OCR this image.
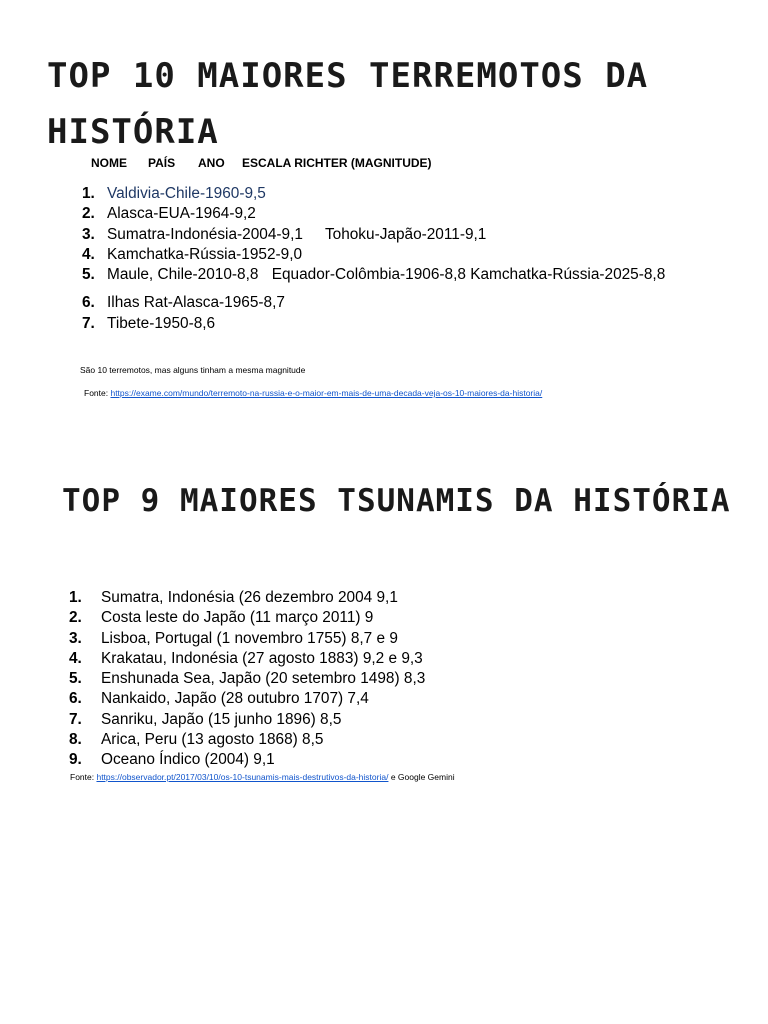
TOP 10 MAIORES TERREMOTOS DA HISTÓRIA
NOME PAÍS ANO ESCALA RICHTER (MAGNITUDE)
1. Valdivia-Chile-1960-9,5
2. Alasca-EUA-1964-9,2
3. Sumatra-Indonésia-2004-9,1 Tohoku-Japão-2011-9,1
4. Kamchatka-Rússia-1952-9,0
5. Maule, Chile-2010-8,8 Equador-Colômbia-1906-8,8 Kamchatka-Rússia-2025-8,8
6. Ilhas Rat-Alasca-1965-8,7
7. Tibete-1950-8,6
São 10 terremotos, mas alguns tinham a mesma magnitude
Fonte: https://exame.com/mundo/terremoto-na-russia-e-o-maior-em-mais-de-uma-decada-veja-os-10-maiores-da-historia/
TOP 9 MAIORES TSUNAMIS DA HISTÓRIA
1.	Sumatra, Indonésia (26 dezembro 2004 9,1
2.	Costa leste do Japão (11 março 2011) 9
3.	Lisboa, Portugal (1 novembro 1755) 8,7 e 9
4.	Krakatau, Indonésia (27 agosto 1883) 9,2 e 9,3
5.	Enshunada Sea, Japão (20 setembro 1498) 8,3
6.	Nankaido, Japão (28 outubro 1707) 7,4
7.	Sanriku, Japão (15 junho 1896) 8,5
8.	Arica, Peru (13 agosto 1868) 8,5
9.	Oceano Índico (2004) 9,1
Fonte: https://observador.pt/2017/03/10/os-10-tsunamis-mais-destrutivos-da-historia/ e Google Gemini
